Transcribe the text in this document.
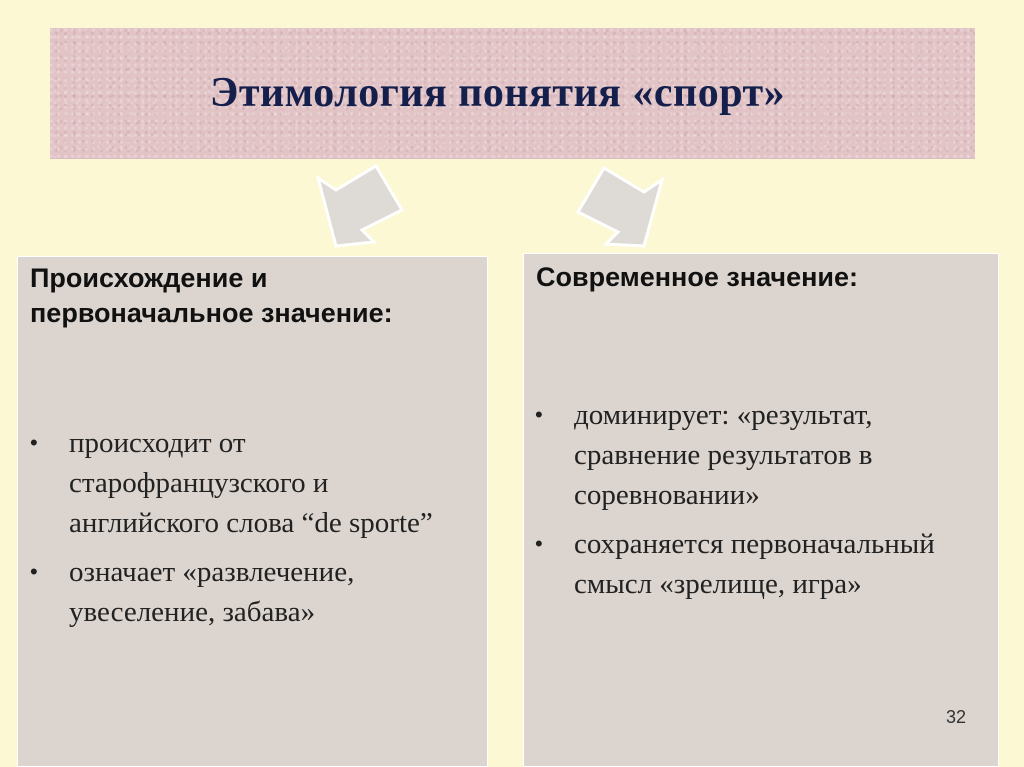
Этимология понятия «спорт»
Происхождение и первоначальное значение:
• происходит от старофранцузского и английского слова “de sporte”
• означает «развлечение, увеселение, забава»
Современное значение:
• доминирует: «результат, сравнение результатов в соревновании»
• сохраняется первоначальный смысл «зрелище, игра»
32
